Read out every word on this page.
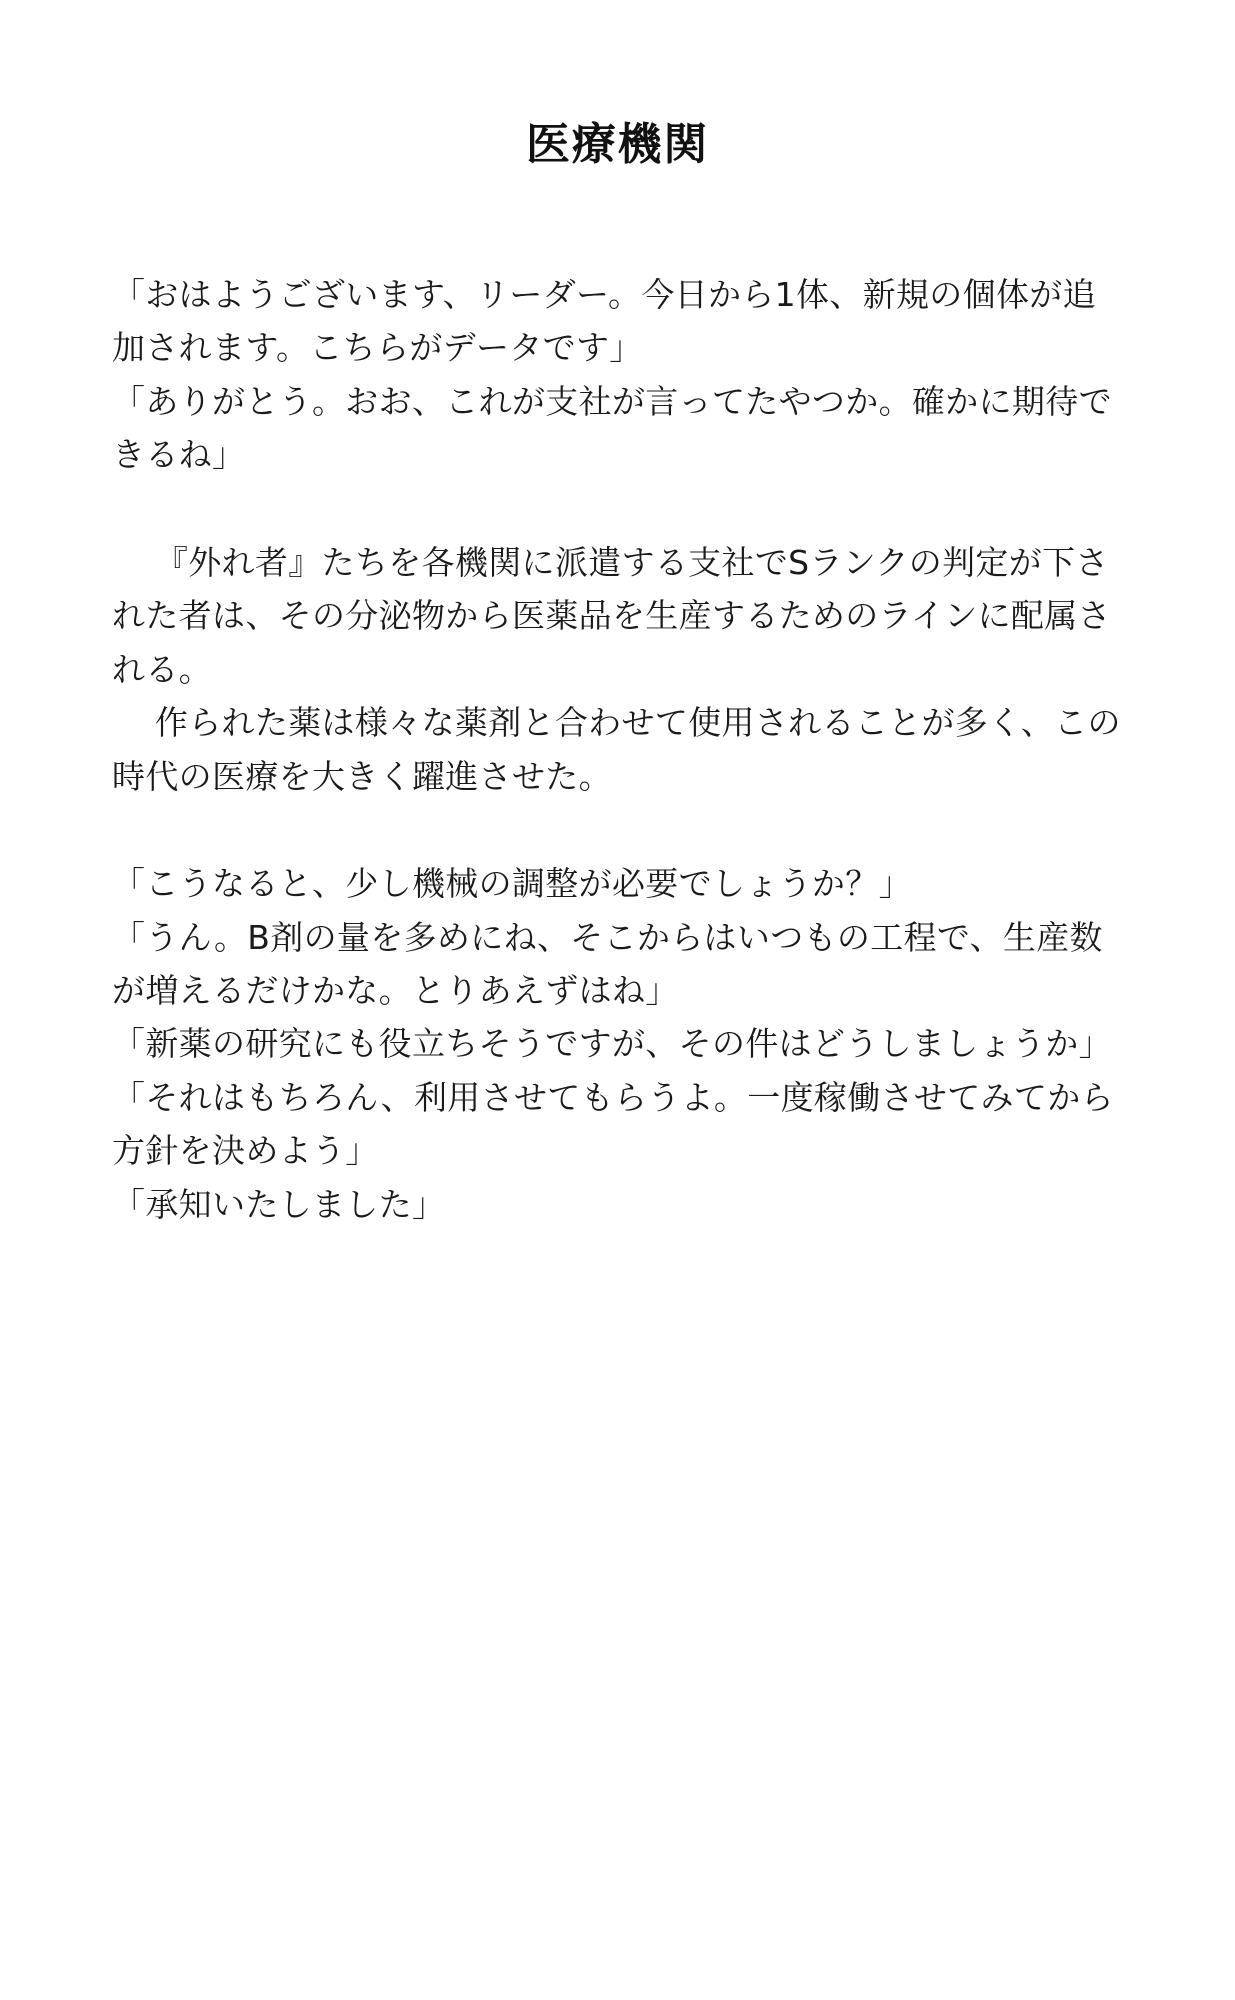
医療機関

「おはようございます、リーダー。今日から1体、新規の個体が追加されます。こちらがデータです」

「ありがとう。おお、これが支社が言ってたやつか。確かに期待できるね」

『外れ者』たちを各機関に派遣する支社でSランクの判定が下された者は、その分泌物から医薬品を生産するためのラインに配属される。

作られた薬は様々な薬剤と合わせて使用されることが多く、この時代の医療を大きく躍進させた。

「こうなると、少し機械の調整が必要でしょうか？」

「うん。B剤の量を多めにね、そこからはいつもの工程で、生産数が増えるだけかな。とりあえずはね」

「新薬の研究にも役立ちそうですが、その件はどうしましょうか」

「それはもちろん、利用させてもらうよ。一度稼働させてみてから方針を決めよう」

「承知いたしました」
